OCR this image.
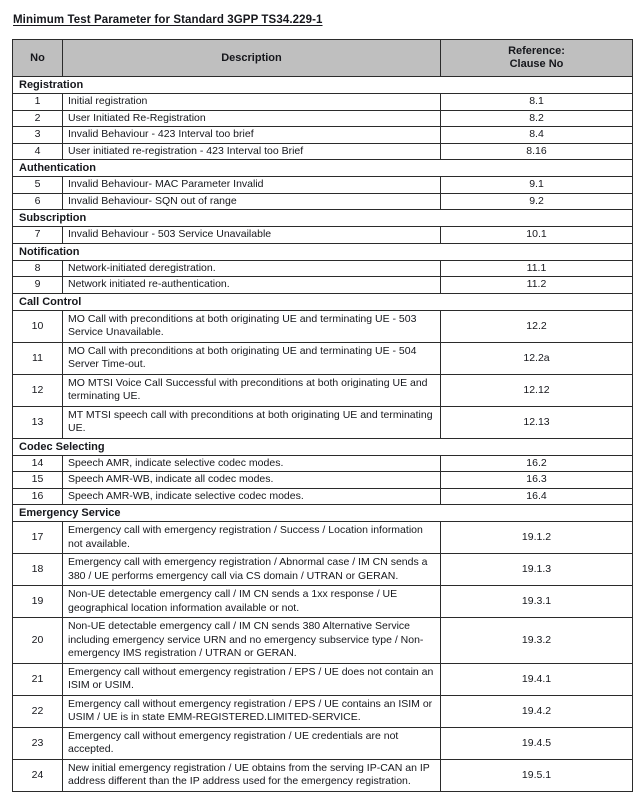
Minimum Test Parameter for Standard 3GPP TS34.229-1
No	Description	Reference:
Clause No
Registration		
1	Initial registration	8.1
2	User Initiated Re-Registration	8.2
3	Invalid Behaviour - 423 Interval too brief	8.4
4	User initiated re-registration - 423 Interval too Brief	8.16
Authentication		
5	Invalid Behaviour- MAC Parameter Invalid	9.1
6	Invalid Behaviour- SQN out of range	9.2
Subscription		
7	Invalid Behaviour - 503 Service Unavailable	10.1
Notification		
8	Network-initiated deregistration.	11.1
9	Network initiated re-authentication.	11.2
Call Control		
10	MO Call with preconditions at both originating UE and terminating UE - 503 Service Unavailable.	12.2
11	MO Call with preconditions at both originating UE and terminating UE - 504 Server Time-out.	12.2a
12	MO MTSI Voice Call Successful with preconditions at both originating UE and terminating UE.	12.12
13	MT MTSI speech call with preconditions at both originating UE and terminating UE.	12.13
Codec Selecting		
14	Speech AMR, indicate selective codec modes.	16.2
15	Speech AMR-WB, indicate all codec modes.	16.3
16	Speech AMR-WB, indicate selective codec modes.	16.4
Emergency Service		
17	Emergency call with emergency registration / Success / Location information not available.	19.1.2
18	Emergency call with emergency registration / Abnormal case / IM CN sends a 380 / UE performs emergency call via CS domain / UTRAN or GERAN.	19.1.3
19	Non-UE detectable emergency call / IM CN sends a 1xx response / UE geographical location information available or not.	19.3.1
20	Non-UE detectable emergency call / IM CN sends 380 Alternative Service including emergency service URN and no emergency subservice type / Non-emergency IMS registration / UTRAN or GERAN.	19.3.2
21	Emergency call without emergency registration / EPS / UE does not contain an ISIM or USIM.	19.4.1
22	Emergency call without emergency registration / EPS / UE contains an ISIM or USIM / UE is in state EMM-REGISTERED.LIMITED-SERVICE.	19.4.2
23	Emergency call without emergency registration / UE credentials are not accepted.	19.4.5
24	New initial emergency registration / UE obtains from the serving IP-CAN an IP address different than the IP address used for the emergency registration.	19.5.1
